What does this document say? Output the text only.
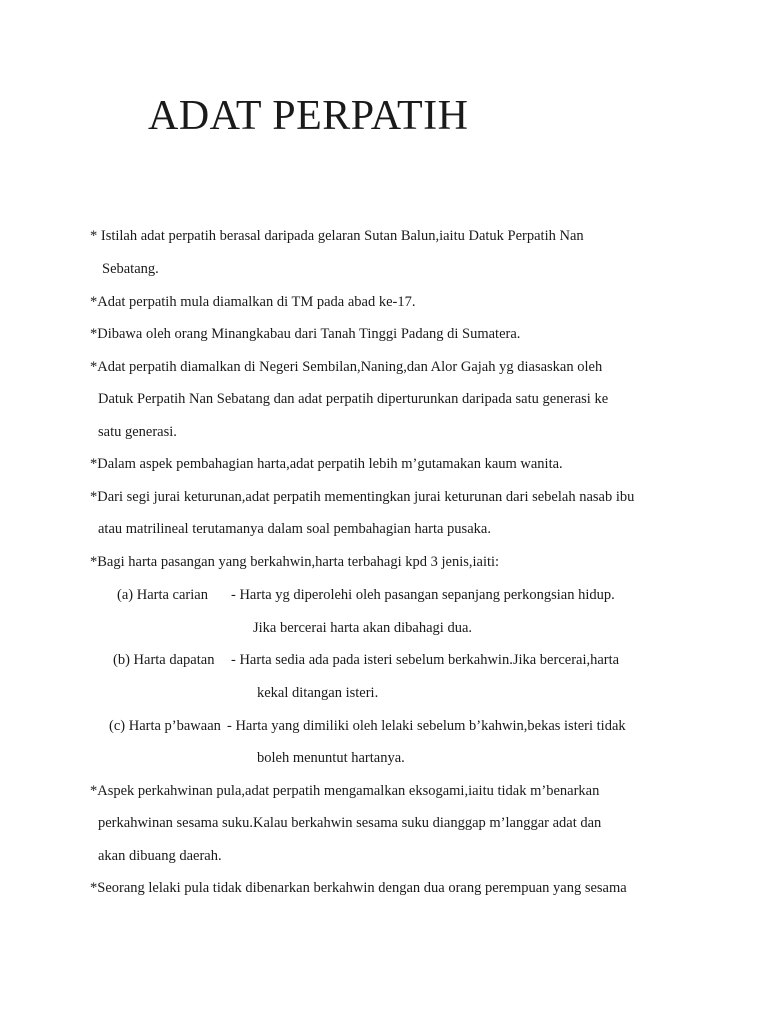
ADAT PERPATIH
* Istilah adat perpatih berasal daripada gelaran Sutan Balun,iaitu Datuk Perpatih Nan
Sebatang.
*Adat perpatih mula diamalkan di TM pada abad ke-17.
*Dibawa oleh orang Minangkabau dari Tanah Tinggi Padang di Sumatera.
*Adat perpatih diamalkan di Negeri Sembilan,Naning,dan Alor Gajah yg diasaskan oleh
Datuk Perpatih Nan Sebatang dan adat perpatih diperturunkan daripada satu generasi ke
satu generasi.
*Dalam aspek pembahagian harta,adat perpatih lebih m’gutamakan kaum wanita.
*Dari segi jurai keturunan,adat perpatih mementingkan jurai keturunan dari sebelah nasab ibu
atau matrilineal terutamanya dalam soal pembahagian harta pusaka.
*Bagi harta pasangan yang berkahwin,harta terbahagi kpd 3 jenis,iaiti:
(a) Harta carian - Harta yg diperolehi oleh pasangan sepanjang perkongsian hidup.
Jika bercerai harta akan dibahagi dua.
(b) Harta dapatan - Harta sedia ada pada isteri sebelum berkahwin.Jika bercerai,harta
kekal ditangan isteri.
(c) Harta p’bawaan - Harta yang dimiliki oleh lelaki sebelum b’kahwin,bekas isteri tidak
boleh menuntut hartanya.
*Aspek perkahwinan pula,adat perpatih mengamalkan eksogami,iaitu tidak m’benarkan
perkahwinan sesama suku.Kalau berkahwin sesama suku dianggap m’langgar adat dan
akan dibuang daerah.
*Seorang lelaki pula tidak dibenarkan berkahwin dengan dua orang perempuan yang sesama
